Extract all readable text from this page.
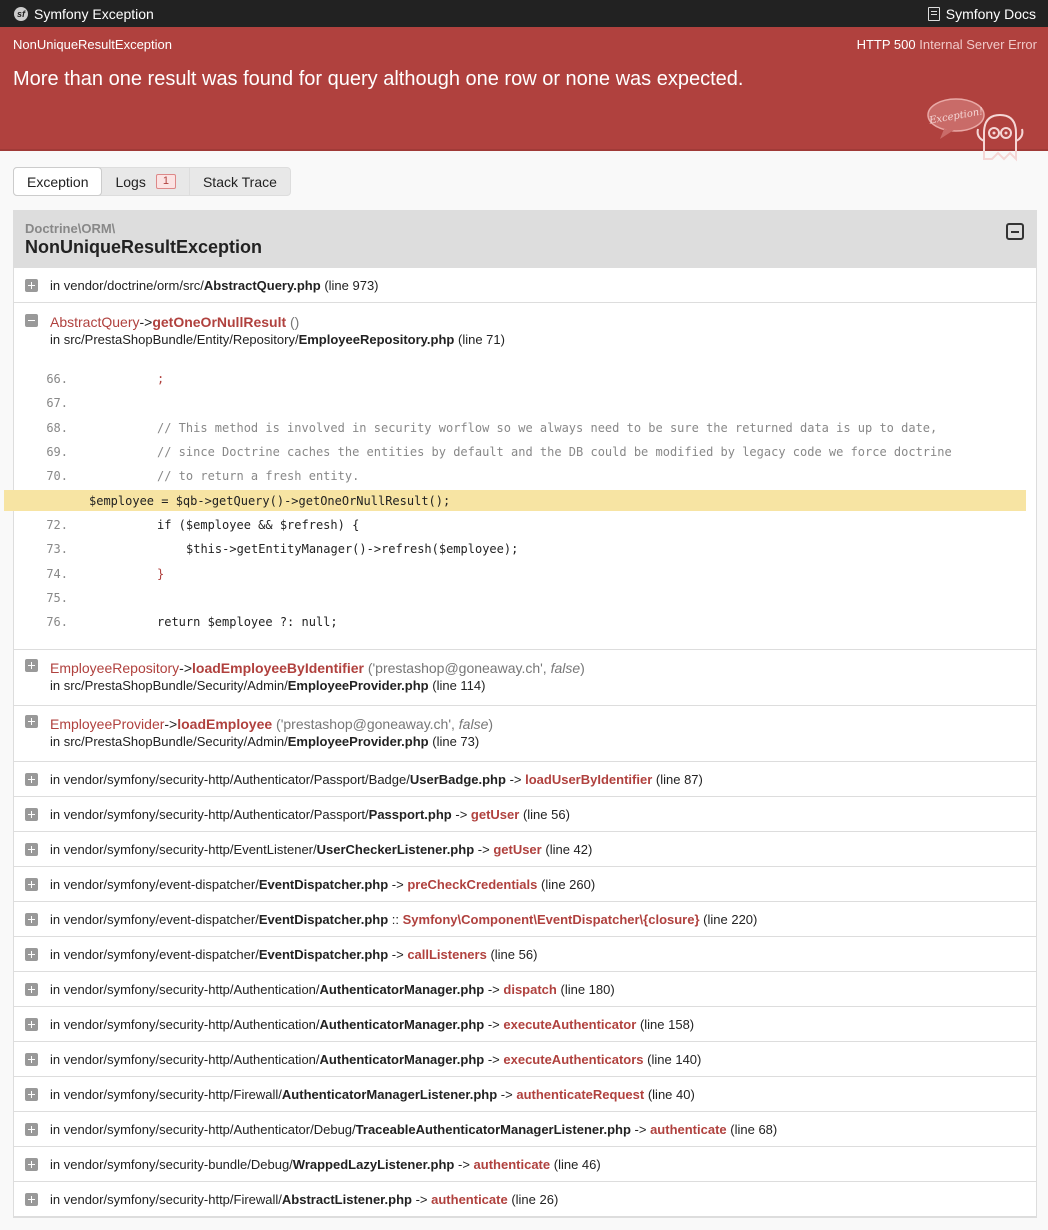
sf Symfony Exception	Symfony Docs
NonUniqueResultException	HTTP 500 Internal Server Error
More than one result was found for query although one row or none was expected.
Exception!
Exception Logs	1	Stack Trace
Doctrine\ORM\
NonUniqueResultException
in vendor/doctrine/orm/src/AbstractQuery.php
(line 973)
AbstractQuery->getOneOrNullResult ()
in src/PrestaShopBundle/Entity/Repository/EmployeeRepository.php (line 71)
66.	;
67.
68.	// This method is involved in security worflow so we always need to be sure the returned data is up to date,
69.	// since Doctrine caches the entities by default and the DB could be modified by legacy code we force doctrine
70.	// to return a fresh entity.
$employee = $qb->getQuery()->getOneOrNullResult();
72.	if ($employee && $refresh) {
73.	$this->getEntityManager()->refresh($employee);
74.	}
75.
76.	return $employee ?: null;
EmployeeRepository->loadEmployeeByIdentifier ('prestashop@goneaway.ch', false)
in src/PrestaShopBundle/Security/Admin/EmployeeProvider.php (line 114)
EmployeeProvider->loadEmployee ('prestashop@goneaway.ch', false)
in src/PrestaShopBundle/Security/Admin/EmployeeProvider.php (line 73)
in vendor/symfony/security-http/Authenticator/Passport/Badge/UserBadge.php
->
loadUserByIdentifier
(line 87)
in vendor/symfony/security-http/Authenticator/Passport/Passport.php
->
getUser
(line 56)
in vendor/symfony/security-http/EventListener/UserCheckerListener.php
->
getUser
(line 42)
in vendor/symfony/event-dispatcher/EventDispatcher.php
->
preCheckCredentials
(line 260)
in vendor/symfony/event-dispatcher/EventDispatcher.php
::
Symfony\Component\EventDispatcher\{closure}
(line 220)
in vendor/symfony/event-dispatcher/EventDispatcher.php
->
callListeners
(line 56)
in vendor/symfony/security-http/Authentication/AuthenticatorManager.php
->
dispatch
(line 180)
in vendor/symfony/security-http/Authentication/AuthenticatorManager.php
->
executeAuthenticator
(line 158)
in vendor/symfony/security-http/Authentication/AuthenticatorManager.php
->
executeAuthenticators
(line 140)
in vendor/symfony/security-http/Firewall/AuthenticatorManagerListener.php
->
authenticateRequest
(line 40)
in vendor/symfony/security-http/Authenticator/Debug/TraceableAuthenticatorManagerListener.php
->
authenticate
(line 68)
in vendor/symfony/security-bundle/Debug/WrappedLazyListener.php
->
authenticate
(line 46)
in vendor/symfony/security-http/Firewall/AbstractListener.php
->
authenticate
(line 26)
